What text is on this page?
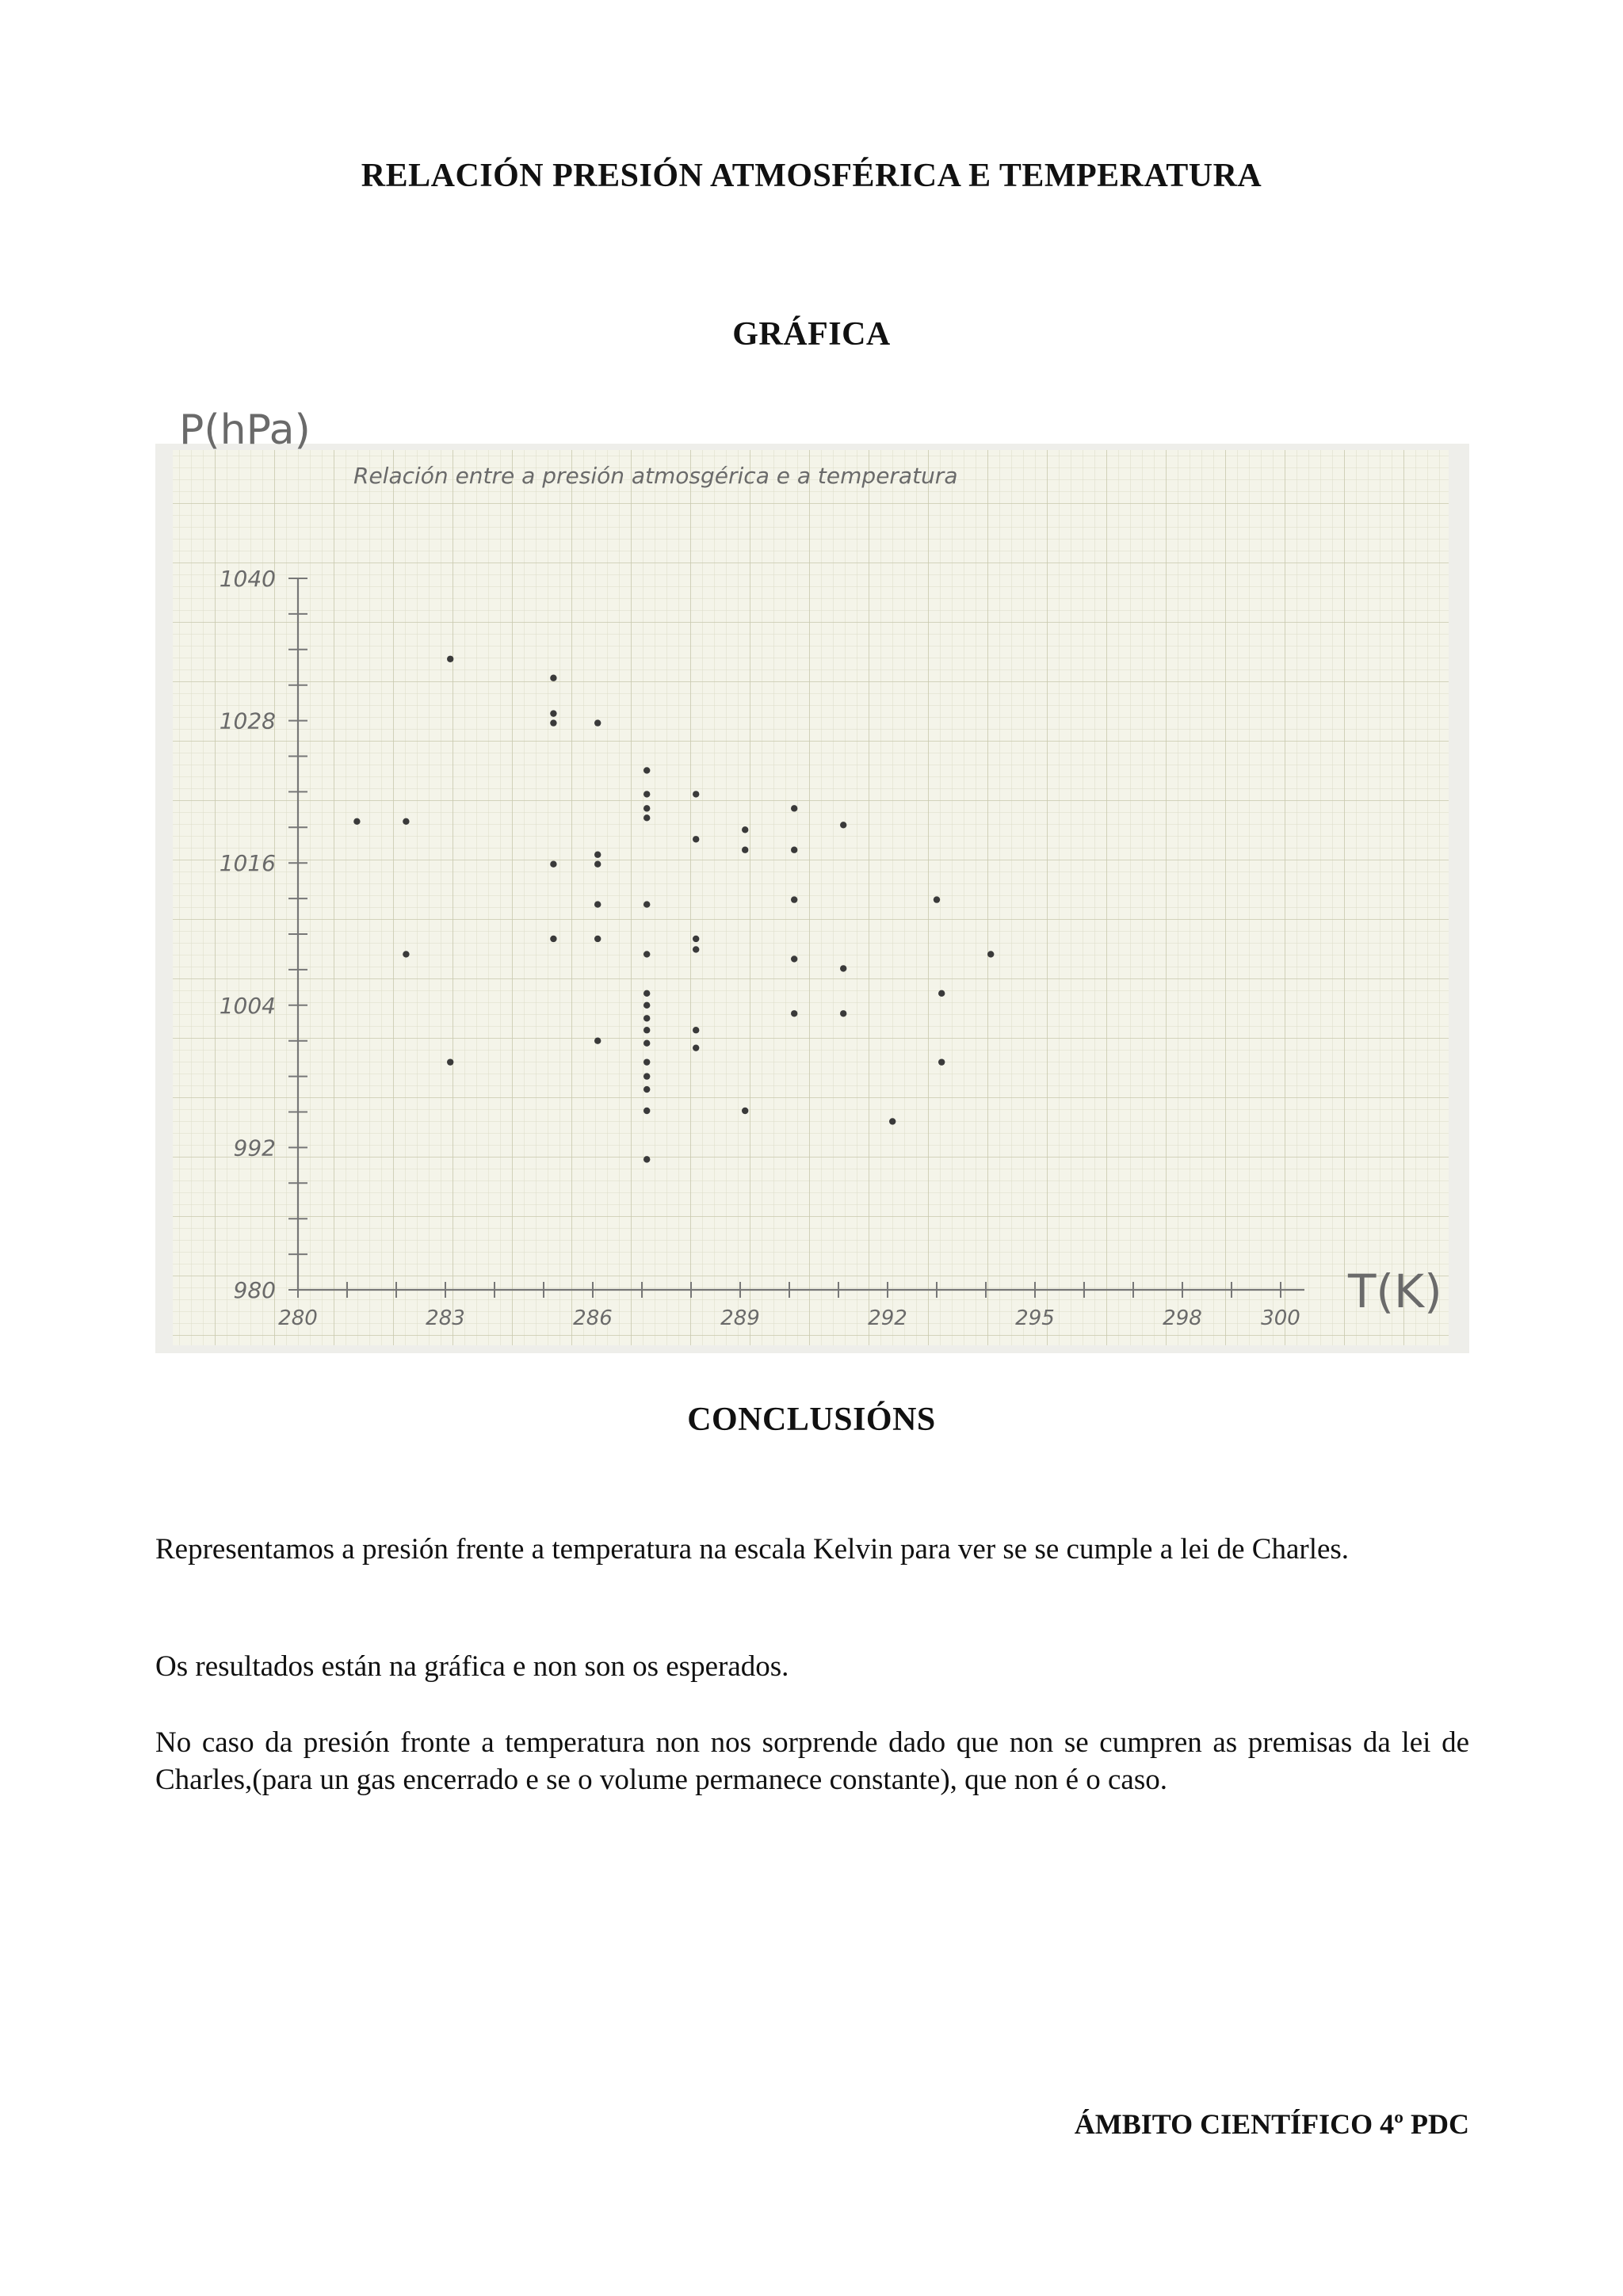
RELACIÓN PRESIÓN ATMOSFÉRICA E TEMPERATURA
GRÁFICA
Relación entre a presión atmosgérica e a temperatura
P(hPa)
T(K)
980
992
1004
1016
1028
1040
280	283	286	289	292	295	298	300
CONCLUSIÓNS

Representamos a presión frente a temperatura na escala Kelvin para ver se se cumple a lei de Charles.

Os resultados están na gráfica e non son os esperados.

No caso da presión fronte a temperatura non nos sorprende dado que non se cumpren as premisas da lei de Charles,(para un gas encerrado e se o volume permanece constante), que non é o caso.

ÁMBITO CIENTÍFICO 4º PDC
